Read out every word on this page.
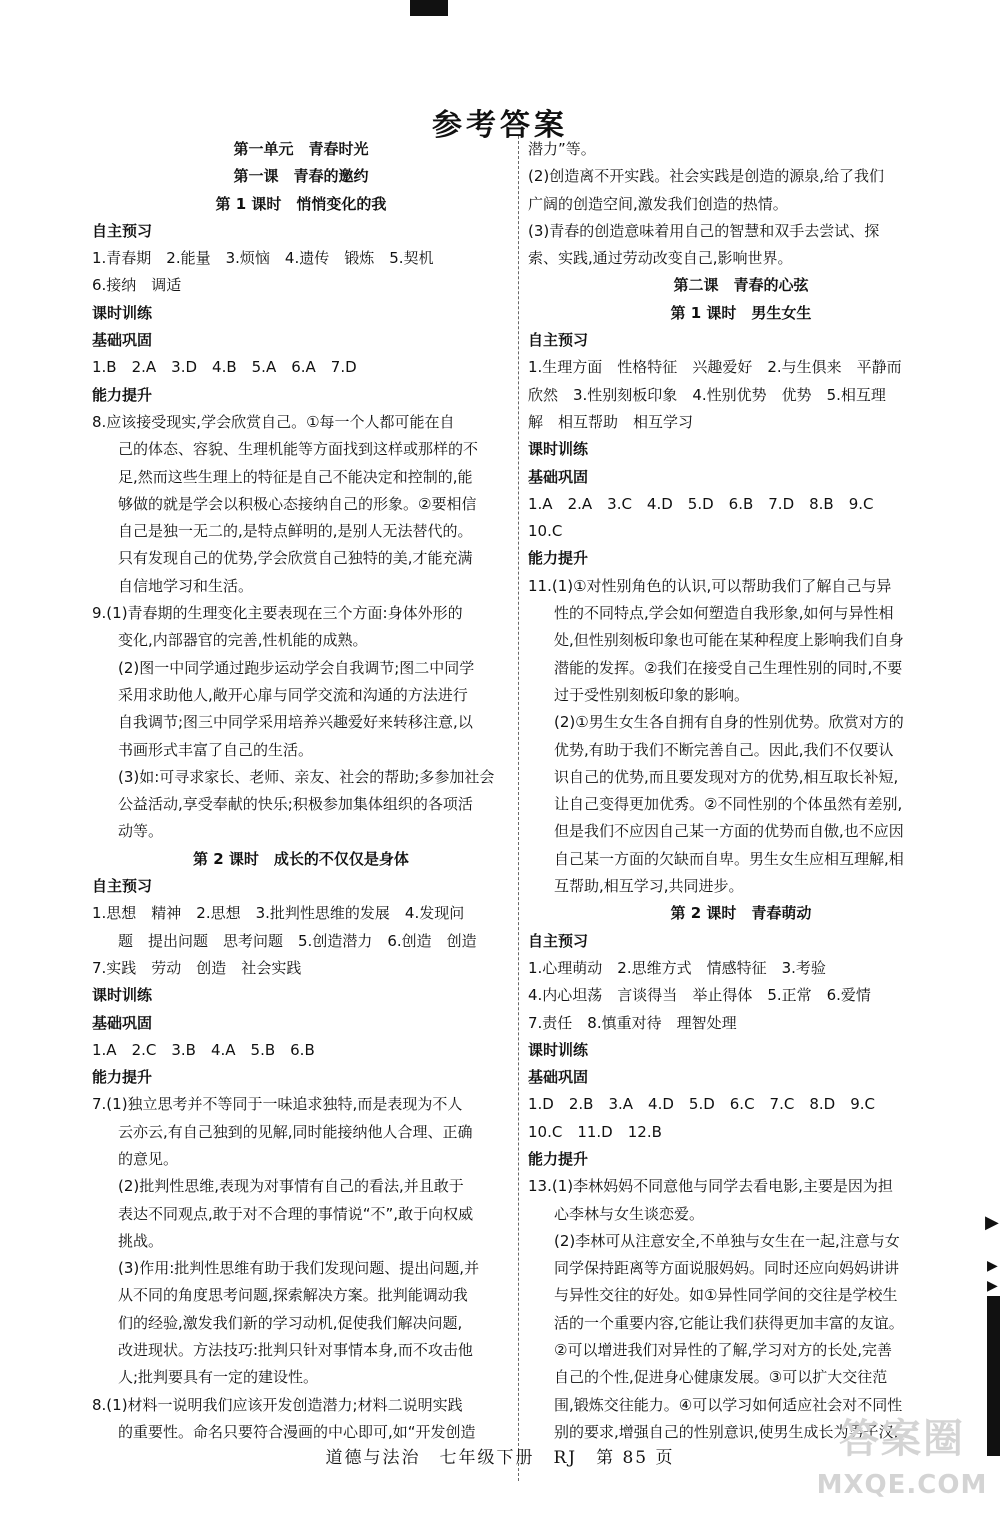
参考答案
第一单元　青春时光
第一课　青春的邀约
第 1 课时　悄悄变化的我
自主预习
1.青春期　2.能量　3.烦恼　4.遗传　锻炼　5.契机
6.接纳　调适
课时训练
基础巩固
1.B　2.A　3.D　4.B　5.A　6.A　7.D
能力提升
8.应该接受现实,学会欣赏自己。①每一个人都可能在自
己的体态、容貌、生理机能等方面找到这样或那样的不
足,然而这些生理上的特征是自己不能决定和控制的,能
够做的就是学会以积极心态接纳自己的形象。②要相信
自己是独一无二的,是特点鲜明的,是别人无法替代的。
只有发现自己的优势,学会欣赏自己独特的美,才能充满
自信地学习和生活。
9.(1)青春期的生理变化主要表现在三个方面:身体外形的
变化,内部器官的完善,性机能的成熟。
(2)图一中同学通过跑步运动学会自我调节;图二中同学
采用求助他人,敞开心扉与同学交流和沟通的方法进行
自我调节;图三中同学采用培养兴趣爱好来转移注意,以
书画形式丰富了自己的生活。
(3)如:可寻求家长、老师、亲友、社会的帮助;多参加社会
公益活动,享受奉献的快乐;积极参加集体组织的各项活
动等。
第 2 课时　成长的不仅仅是身体
自主预习
1.思想　精神　2.思想　3.批判性思维的发展　4.发现问
题　提出问题　思考问题　5.创造潜力　6.创造　创造
7.实践　劳动　创造　社会实践
课时训练
基础巩固
1.A　2.C　3.B　4.A　5.B　6.B
能力提升
7.(1)独立思考并不等同于一味追求独特,而是表现为不人
云亦云,有自己独到的见解,同时能接纳他人合理、正确
的意见。
(2)批判性思维,表现为对事情有自己的看法,并且敢于
表达不同观点,敢于对不合理的事情说“不”,敢于向权威
挑战。
(3)作用:批判性思维有助于我们发现问题、提出问题,并
从不同的角度思考问题,探索解决方案。批判能调动我
们的经验,激发我们新的学习动机,促使我们解决问题,
改进现状。方法技巧:批判只针对事情本身,而不攻击他
人;批判要具有一定的建设性。
8.(1)材料一说明我们应该开发创造潜力;材料二说明实践
的重要性。命名只要符合漫画的中心即可,如“开发创造
潜力”等。
(2)创造离不开实践。社会实践是创造的源泉,给了我们
广阔的创造空间,激发我们创造的热情。
(3)青春的创造意味着用自己的智慧和双手去尝试、探
索、实践,通过劳动改变自己,影响世界。
第二课　青春的心弦
第 1 课时　男生女生
自主预习
1.生理方面　性格特征　兴趣爱好　2.与生俱来　平静而
欣然　3.性别刻板印象　4.性别优势　优势　5.相互理
解　相互帮助　相互学习
课时训练
基础巩固
1.A　2.A　3.C　4.D　5.D　6.B　7.D　8.B　9.C
10.C
能力提升
11.(1)①对性别角色的认识,可以帮助我们了解自己与异
性的不同特点,学会如何塑造自我形象,如何与异性相
处,但性别刻板印象也可能在某种程度上影响我们自身
潜能的发挥。②我们在接受自己生理性别的同时,不要
过于受性别刻板印象的影响。
(2)①男生女生各自拥有自身的性别优势。欣赏对方的
优势,有助于我们不断完善自己。因此,我们不仅要认
识自己的优势,而且要发现对方的优势,相互取长补短,
让自己变得更加优秀。②不同性别的个体虽然有差别,
但是我们不应因自己某一方面的优势而自傲,也不应因
自己某一方面的欠缺而自卑。男生女生应相互理解,相
互帮助,相互学习,共同进步。
第 2 课时　青春萌动
自主预习
1.心理萌动　2.思维方式　情感特征　3.考验
4.内心坦荡　言谈得当　举止得体　5.正常　6.爱情
7.责任　8.慎重对待　理智处理
课时训练
基础巩固
1.D　2.B　3.A　4.D　5.D　6.C　7.C　8.D　9.C
10.C　11.D　12.B
能力提升
13.(1)李林妈妈不同意他与同学去看电影,主要是因为担
心李林与女生谈恋爱。
(2)李林可从注意安全,不单独与女生在一起,注意与女
同学保持距离等方面说服妈妈。同时还应向妈妈讲讲
与异性交往的好处。如①异性同学间的交往是学校生
活的一个重要内容,它能让我们获得更加丰富的友谊。
②可以增进我们对异性的了解,学习对方的长处,完善
自己的个性,促进身心健康发展。③可以扩大交往范
围,锻炼交往能力。④可以学习如何适应社会对不同性
别的要求,增强自己的性别意识,使男生成长为男子汉,
道德与法治　七年级下册　RJ　第 85 页
▶
▶
▶
答案圈
MXQE.COM
